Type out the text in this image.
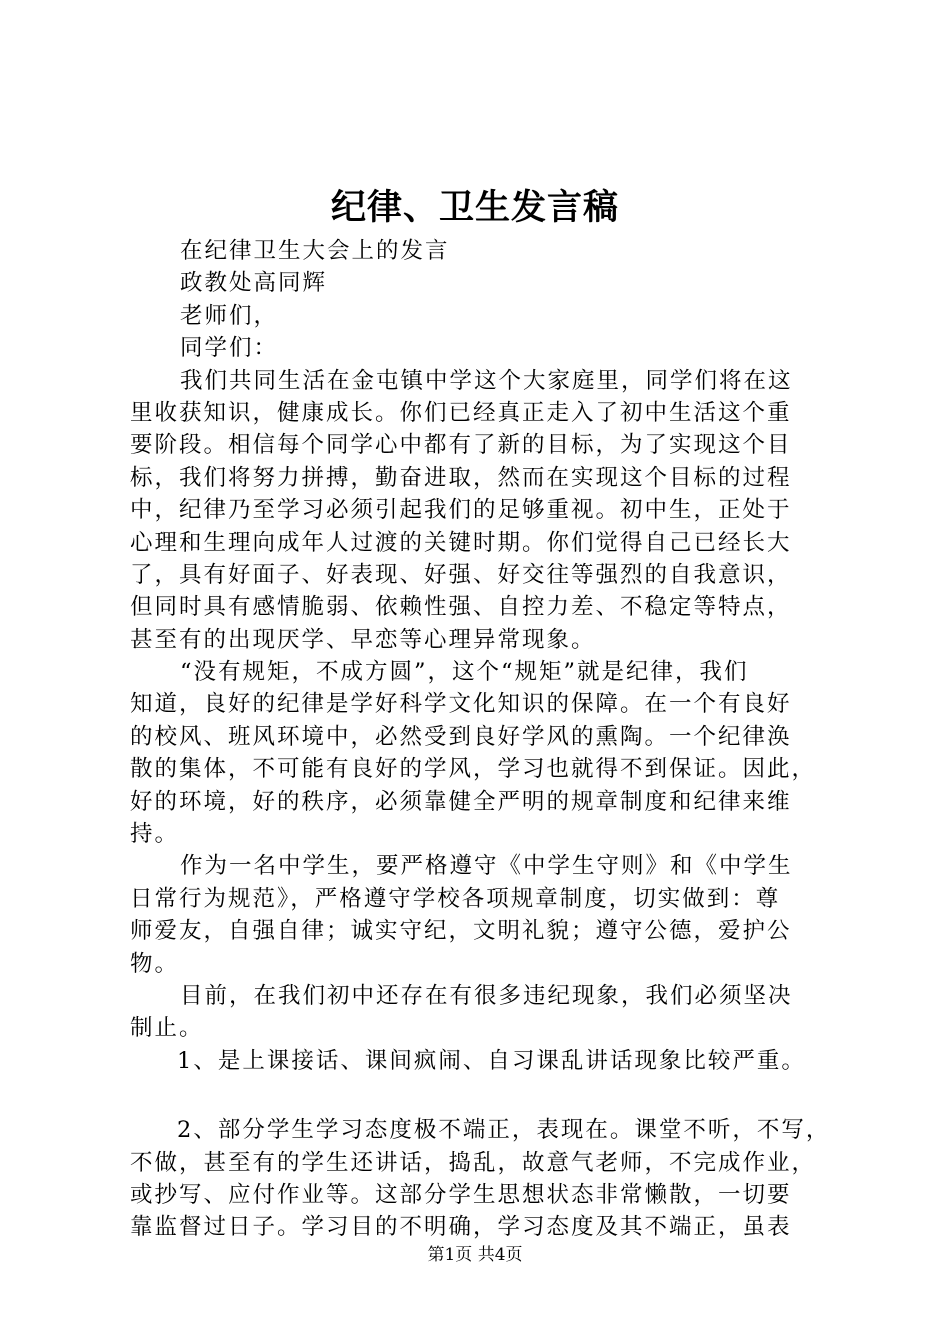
纪律、卫生发言稿
在纪律卫生大会上的发言
政教处高同辉
老师们，
同学们：
我们共同生活在金屯镇中学这个大家庭里，同学们将在这
里收获知识，健康成长。你们已经真正走入了初中生活这个重
要阶段。相信每个同学心中都有了新的目标，为了实现这个目
标，我们将努力拼搏，勤奋进取，然而在实现这个目标的过程
中，纪律乃至学习必须引起我们的足够重视。初中生，正处于
心理和生理向成年人过渡的关键时期。你们觉得自己已经长大
了，具有好面子、好表现、好强、好交往等强烈的自我意识，
但同时具有感情脆弱、依赖性强、自控力差、不稳定等特点，
甚至有的出现厌学、早恋等心理异常现象。
“没有规矩，不成方圆”，这个“规矩”就是纪律，我们
知道，良好的纪律是学好科学文化知识的保障。在一个有良好
的校风、班风环境中，必然受到良好学风的熏陶。一个纪律涣
散的集体，不可能有良好的学风，学习也就得不到保证。因此，
好的环境，好的秩序，必须靠健全严明的规章制度和纪律来维
持。
作为一名中学生，要严格遵守《中学生守则》和《中学生
日常行为规范》，严格遵守学校各项规章制度，切实做到：尊
师爱友，自强自律；诚实守纪，文明礼貌；遵守公德，爱护公
物。
目前，在我们初中还存在有很多违纪现象，我们必须坚决
制止。
1、是上课接话、课间疯闹、自习课乱讲话现象比较严重。
2、部分学生学习态度极不端正，表现在。课堂不听，不写，
不做，甚至有的学生还讲话，捣乱，故意气老师，不完成作业，
或抄写、应付作业等。这部分学生思想状态非常懒散，一切要
靠监督过日子。学习目的不明确，学习态度及其不端正，虽表
第1页 共4页
